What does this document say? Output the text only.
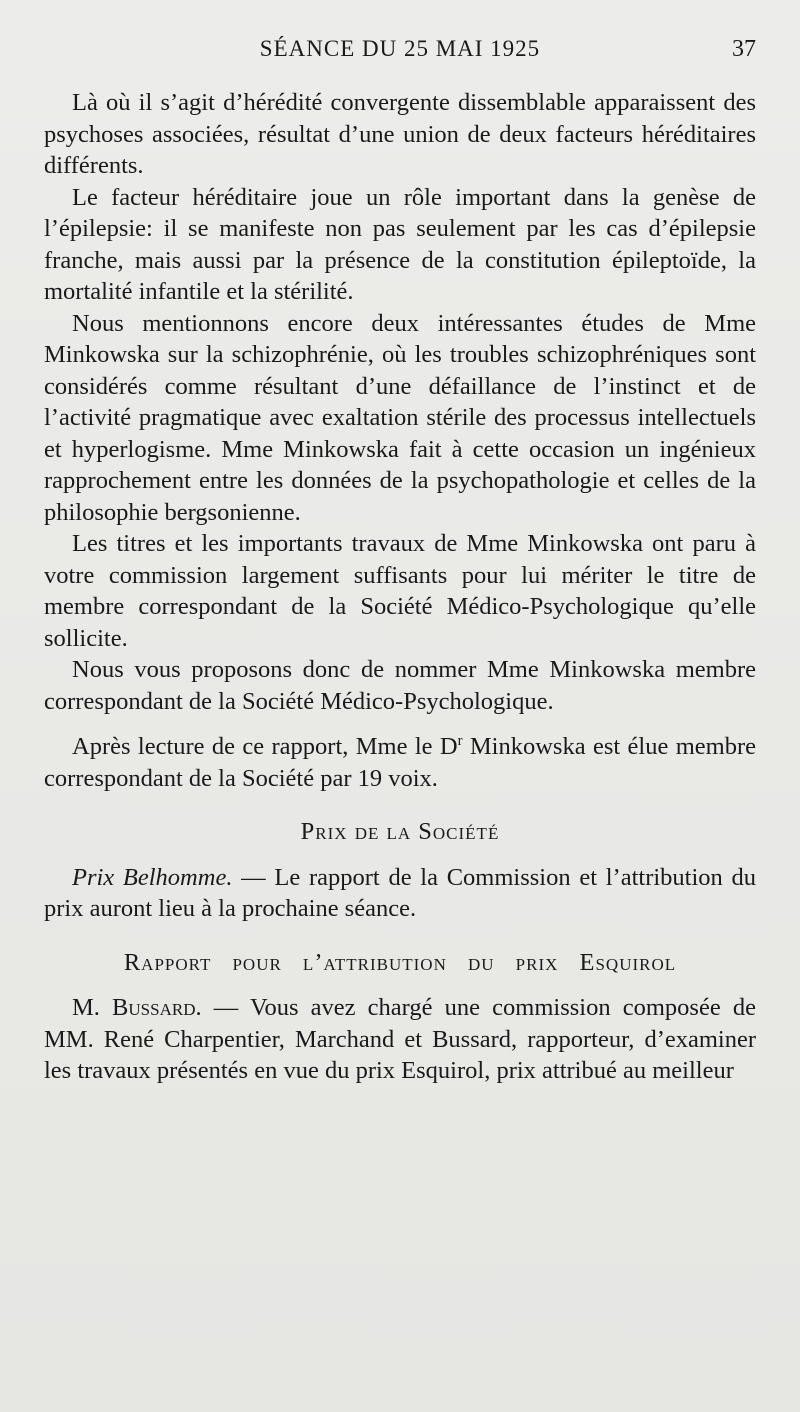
SÉANCE DU 25 MAI 1925	37

Là où il s’agit d’hérédité convergente dissemblable apparaissent des psychoses associées, résultat d’une union de deux facteurs héréditaires différents.

Le facteur héréditaire joue un rôle important dans la genèse de l’épilepsie: il se manifeste non pas seulement par les cas d’épilepsie franche, mais aussi par la présence de la constitution épileptoïde, la mortalité infantile et la stérilité.

Nous mentionnons encore deux intéressantes études de Mme Minkowska sur la schizophrénie, où les troubles schizophréniques sont considérés comme résultant d’une défaillance de l’instinct et de l’activité pragmatique avec exaltation stérile des processus intellectuels et hyperlogisme. Mme Minkowska fait à cette occasion un ingénieux rapprochement entre les données de la psychopathologie et celles de la philosophie bergsonienne.

Les titres et les importants travaux de Mme Minkowska ont paru à votre commission largement suffisants pour lui mériter le titre de membre correspondant de la Société Médico-Psychologique qu’elle sollicite.

Nous vous proposons donc de nommer Mme Minkowska membre correspondant de la Société Médico-Psychologique.

Après lecture de ce rapport, Mme le $D^r$ Minkowska est élue membre correspondant de la Société par 19 voix.

Prix de la Société

Prix Belhomme. — Le rapport de la Commission et l’attribution du prix auront lieu à la prochaine séance.

Rapport pour l’attribution du prix Esquirol

M. Bussard. — Vous avez chargé une commission composée de MM. René Charpentier, Marchand et Bussard, rapporteur, d’examiner les travaux présentés en vue du prix Esquirol, prix attribué au meilleur
